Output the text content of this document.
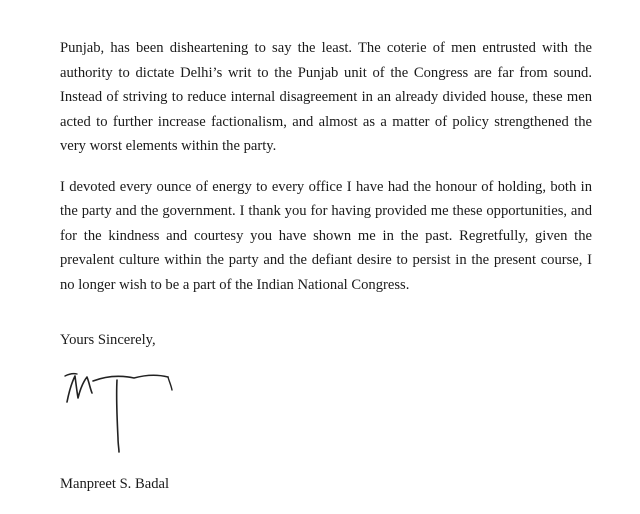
Punjab, has been disheartening to say the least. The coterie of men entrusted with the authority to dictate Delhi’s writ to the Punjab unit of the Congress are far from sound. Instead of striving to reduce internal disagreement in an already divided house, these men acted to further increase factionalism, and almost as a matter of policy strengthened the very worst elements within the party.

I devoted every ounce of energy to every office I have had the honour of holding, both in the party and the government. I thank you for having provided me these opportunities, and for the kindness and courtesy you have shown me in the past. Regretfully, given the prevalent culture within the party and the defiant desire to persist in the present course, I no longer wish to be a part of the Indian National Congress.

Yours Sincerely,

Manpreet S. Badal
